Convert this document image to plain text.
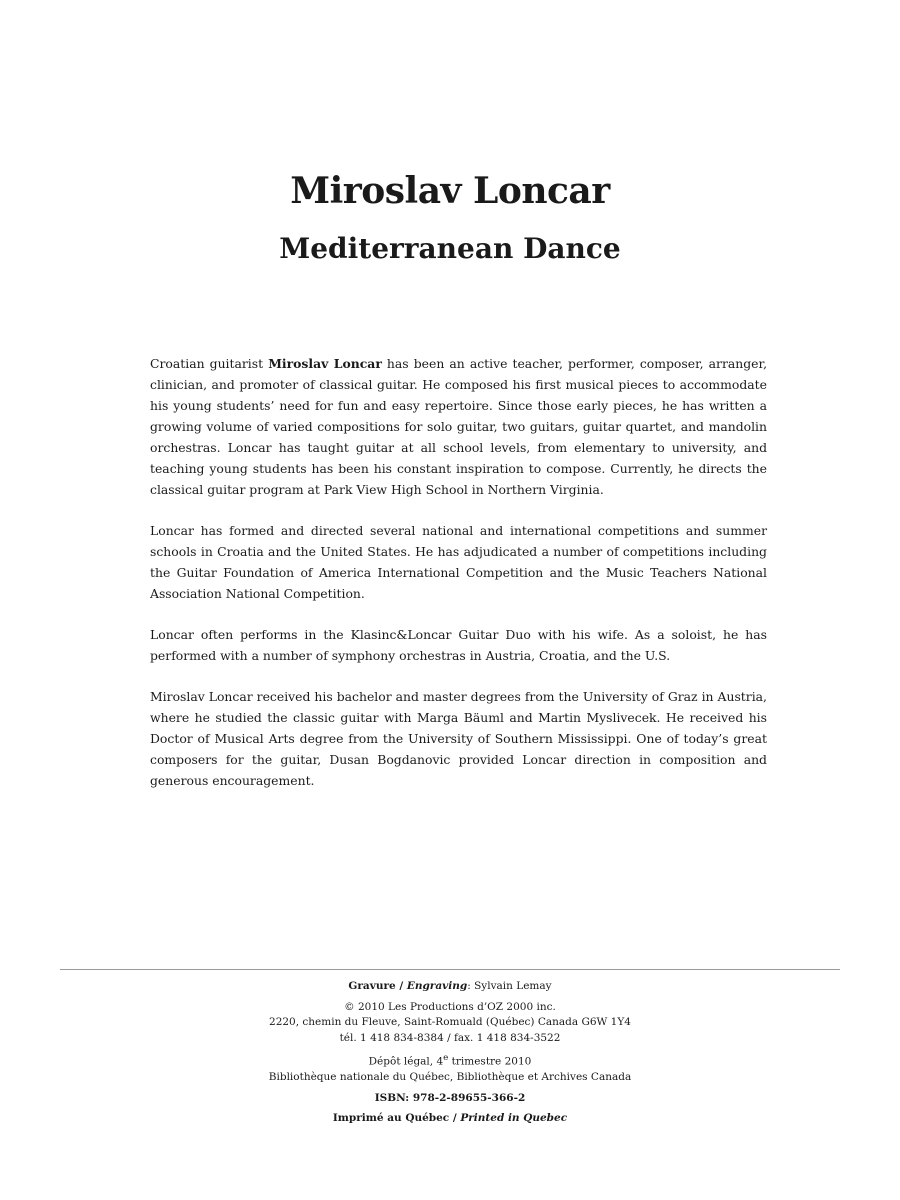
Miroslav Loncar
Mediterranean Dance

Croatian guitarist Miroslav Loncar has been an active teacher, performer, composer, arranger, clinician, and promoter of classical guitar. He composed his first musical pieces to accommodate his young students’ need for fun and easy repertoire. Since those early pieces, he has written a growing volume of varied compositions for solo guitar, two guitars, guitar quartet, and mandolin orchestras. Loncar has taught guitar at all school levels, from elementary to university, and teaching young students has been his constant inspiration to compose. Currently, he directs the classical guitar program at Park View High School in Northern Virginia.

Loncar has formed and directed several national and international competitions and summer schools in Croatia and the United States. He has adjudicated a number of competitions including the Guitar Foundation of America International Competition and the Music Teachers National Association National Competition.

Loncar often performs in the Klasinc&Loncar Guitar Duo with his wife. As a soloist, he has performed with a number of symphony orchestras in Austria, Croatia, and the U.S.

Miroslav Loncar received his bachelor and master degrees from the University of Graz in Austria, where he studied the classic guitar with Marga Bäuml and Martin Myslivecek. He received his Doctor of Musical Arts degree from the University of Southern Mississippi. One of today’s great composers for the guitar, Dusan Bogdanovic provided Loncar direction in composition and generous encouragement.

Gravure / Engraving: Sylvain Lemay
© 2010 Les Productions d’OZ 2000 inc.
2220, chemin du Fleuve, Saint-Romuald (Québec) Canada G6W 1Y4
tél. 1 418 834-8384 / fax. 1 418 834-3522
Dépôt légal, 4e trimestre 2010
Bibliothèque nationale du Québec, Bibliothèque et Archives Canada
ISBN: 978-2-89655-366-2
Imprimé au Québec / Printed in Quebec
